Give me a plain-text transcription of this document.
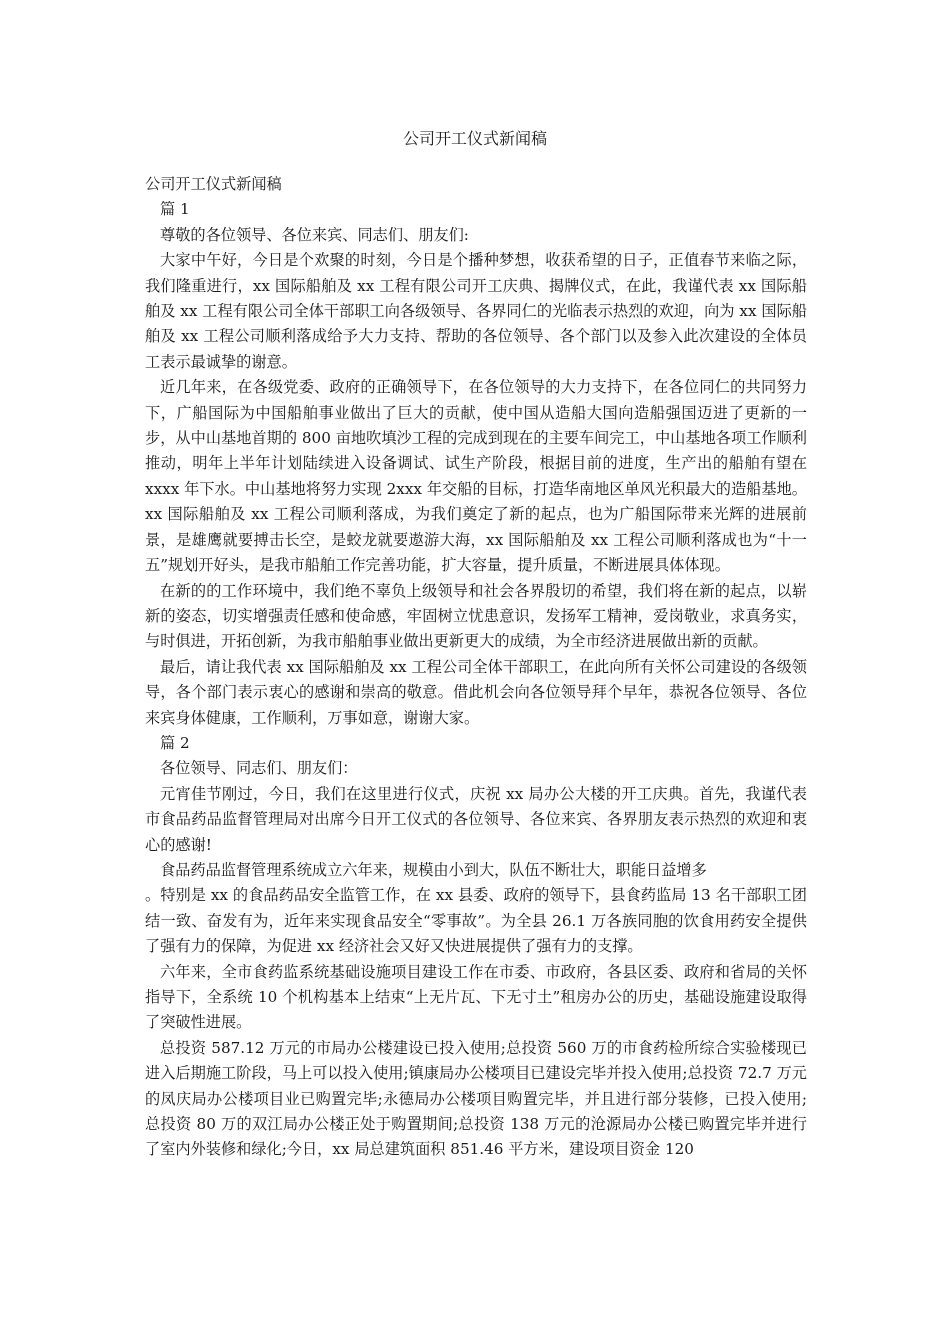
公司开工仪式新闻稿

公司开工仪式新闻稿

篇 1

尊敬的各位领导、各位来宾、同志们、朋友们:

大家中午好，今日是个欢聚的时刻，今日是个播种梦想，收获希望的日子，正值春节来临之际，我们隆重进行，xx 国际船舶及 xx 工程有限公司开工庆典、揭牌仪式，在此，我谨代表 xx 国际船舶及 xx 工程有限公司全体干部职工向各级领导、各界同仁的光临表示热烈的欢迎，向为 xx 国际船舶及 xx 工程公司顺利落成给予大力支持、帮助的各位领导、各个部门以及参入此次建设的全体员工表示最诚挚的谢意。

近几年来，在各级党委、政府的正确领导下，在各位领导的大力支持下，在各位同仁的共同努力下，广船国际为中国船舶事业做出了巨大的贡献，使中国从造船大国向造船强国迈进了更新的一步，从中山基地首期的 800 亩地吹填沙工程的完成到现在的主要车间完工，中山基地各项工作顺利推动，明年上半年计划陆续进入设备调试、试生产阶段，根据目前的进度，生产出的船舶有望在 xxxx 年下水。中山基地将努力实现 2xxx 年交船的目标，打造华南地区单风光积最大的造船基地。xx 国际船舶及 xx 工程公司顺利落成，为我们奠定了新的起点，也为广船国际带来光辉的进展前景，是雄鹰就要搏击长空，是蛟龙就要遨游大海，xx 国际船舶及 xx 工程公司顺利落成也为“十一五”规划开好头，是我市船舶工作完善功能，扩大容量，提升质量，不断进展具体体现。

在新的的工作环境中，我们绝不辜负上级领导和社会各界殷切的希望，我们将在新的起点，以崭新的姿态，切实增强责任感和使命感，牢固树立忧患意识，发扬军工精神，爱岗敬业，求真务实，与时俱进，开拓创新，为我市船舶事业做出更新更大的成绩，为全市经济进展做出新的贡献。

最后，请让我代表 xx 国际船舶及 xx 工程公司全体干部职工，在此向所有关怀公司建设的各级领导，各个部门表示衷心的感谢和崇高的敬意。借此机会向各位领导拜个早年，恭祝各位领导、各位来宾身体健康，工作顺利，万事如意，谢谢大家。

篇 2

各位领导、同志们、朋友们：

元宵佳节刚过，今日，我们在这里进行仪式，庆祝 xx 局办公大楼的开工庆典。首先，我谨代表市食品药品监督管理局对出席今日开工仪式的各位领导、各位来宾、各界朋友表示热烈的欢迎和衷心的感谢!

食品药品监督管理系统成立六年来，规模由小到大，队伍不断壮大，职能日益增多

。特别是 xx 的食品药品安全监管工作，在 xx 县委、政府的领导下，县食药监局 13 名干部职工团结一致、奋发有为，近年来实现食品安全“零事故”。为全县 26.1 万各族同胞的饮食用药安全提供了强有力的保障，为促进 xx 经济社会又好又快进展提供了强有力的支撑。

六年来，全市食药监系统基础设施项目建设工作在市委、市政府，各县区委、政府和省局的关怀指导下，全系统 10 个机构基本上结束“上无片瓦、下无寸土”租房办公的历史，基础设施建设取得了突破性进展。

总投资 587.12 万元的市局办公楼建设已投入使用;总投资 560 万的市食药检所综合实验楼现已进入后期施工阶段，马上可以投入使用;镇康局办公楼项目已建设完毕并投入使用;总投资 72.7 万元的凤庆局办公楼项目业已购置完毕;永德局办公楼项目购置完毕，并且进行部分装修，已投入使用;总投资 80 万的双江局办公楼正处于购置期间;总投资 138 万元的沧源局办公楼已购置完毕并进行了室内外装修和绿化;今日，xx 局总建筑面积 851.46 平方米，建设项目资金 120
